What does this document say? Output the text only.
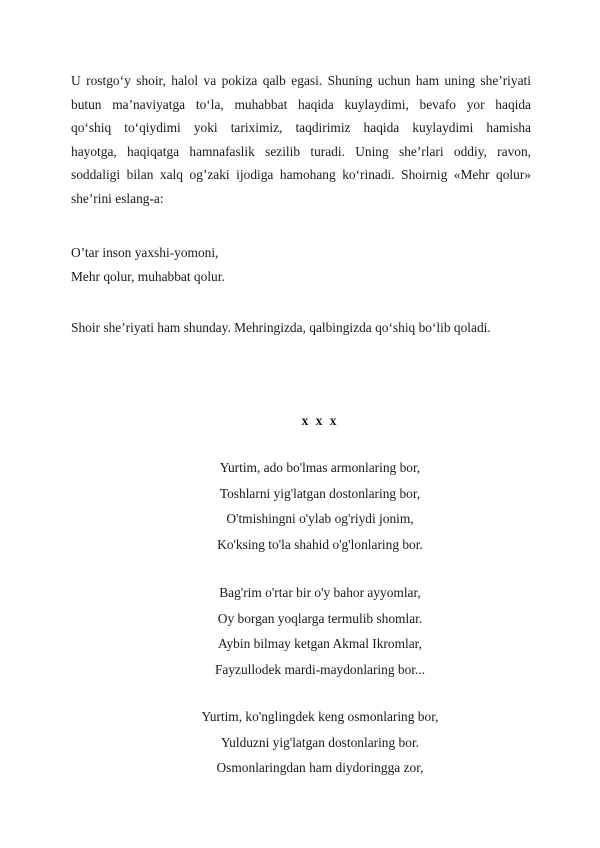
U rostgo‘y shoir, halol va pokiza qalb egasi. Shuning uchun ham uning she’riyati
butun ma’naviyatga to‘la, muhabbat haqida kuylaydimi, bevafo yor haqida
qo‘shiq to‘qiydimi yoki tariximiz, taqdirimiz haqida kuylaydimi hamisha
hayotga, haqiqatga hamnafaslik sezilib turadi. Uning she’rlari oddiy, ravon,
soddaligi bilan xalq og’zaki ijodiga hamohang ko‘rinadi. Shoirnig «Mehr qolur»
she’rini eslang-a:
O’tar inson yaxshi-yomoni,
Mehr qolur, muhabbat qolur.
Shoir she’riyati ham shunday. Mehringizda, qalbingizda qo‘shiq bo‘lib qoladi.
x x x
Yurtim, ado bo'lmas armonlaring bor,
Toshlarni yig'latgan dostonlaring bor,
O'tmishingni o'ylab og'riydi jonim,
Ko'ksing to'la shahid o'g'lonlaring bor.
Bag'rim o'rtar bir o'y bahor ayyomlar,
Oy borgan yoqlarga termulib shomlar.
Aybin bilmay ketgan Akmal Ikromlar,
Fayzullodek mardi-maydonlaring bor...
Yurtim, ko'nglingdek keng osmonlaring bor,
Yulduzni yig'latgan dostonlaring bor.
Osmonlaringdan ham diydoringga zor,
